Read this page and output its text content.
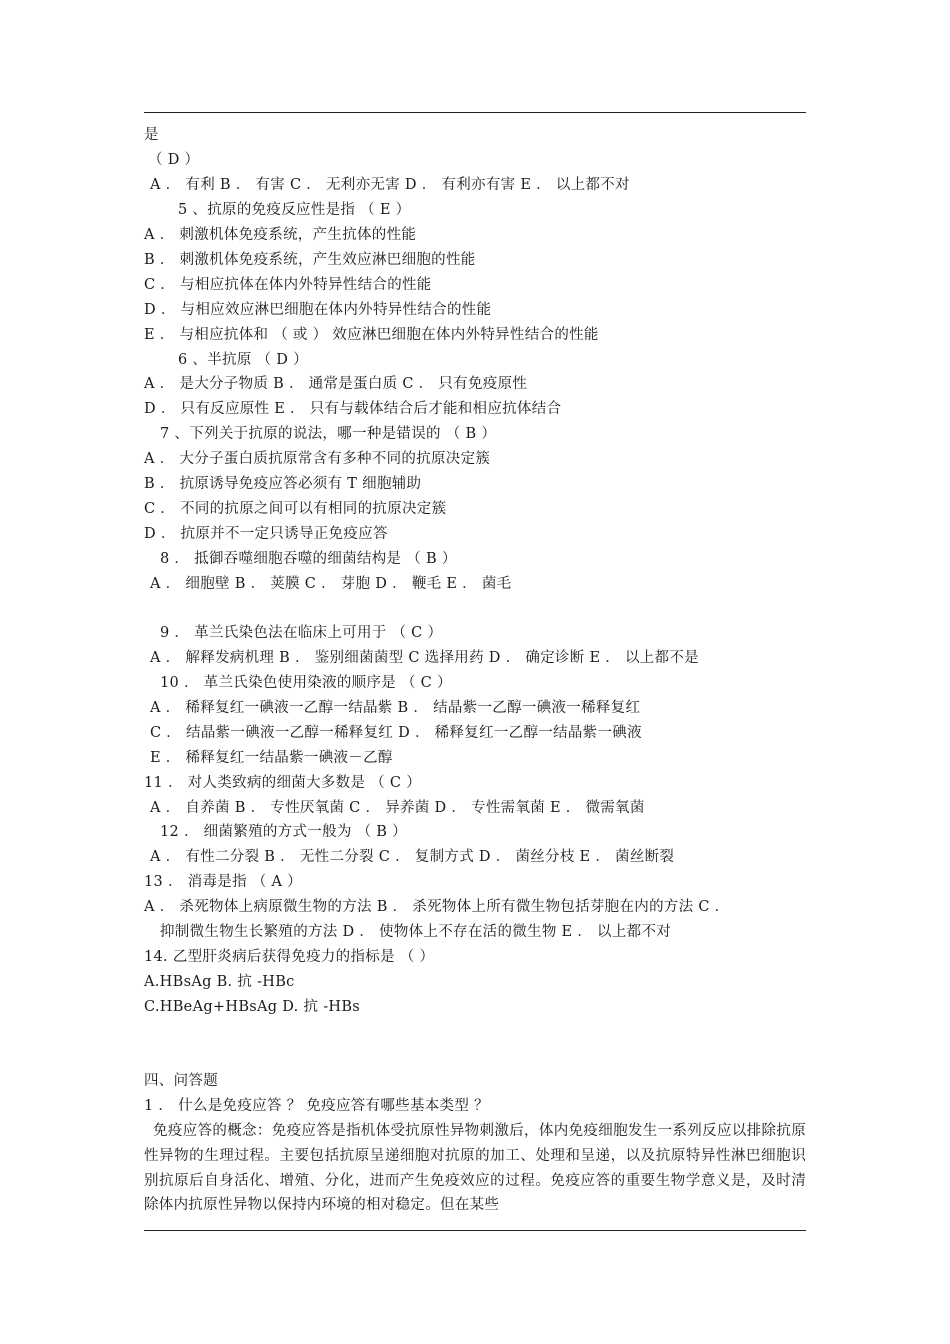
是
（ D ）
A ． 有利 B ． 有害 C ． 无利亦无害 D ． 有利亦有害 E ． 以上都不对
5 、抗原的免疫反应性是指 （ E ）
A ． 刺激机体免疫系统，产生抗体的性能
B ． 刺激机体免疫系统，产生效应淋巴细胞的性能
C ． 与相应抗体在体内外特异性结合的性能
D ． 与相应效应淋巴细胞在体内外特异性结合的性能
E ． 与相应抗体和 （ 或 ） 效应淋巴细胞在体内外特异性结合的性能
6 、半抗原 （ D ）
A ． 是大分子物质 B ． 通常是蛋白质 C ． 只有免疫原性
D ． 只有反应原性 E ． 只有与载体结合后才能和相应抗体结合
7 、下列关于抗原的说法，哪一种是错误的 （ B ）
A ． 大分子蛋白质抗原常含有多种不同的抗原决定簇
B ． 抗原诱导免疫应答必须有 T 细胞辅助
C ． 不同的抗原之间可以有相同的抗原决定簇
D ． 抗原并不一定只诱导正免疫应答
8 ． 抵御吞噬细胞吞噬的细菌结构是 （ B ）
A ． 细胞壁 B ． 荚膜 C ． 芽胞 D ． 鞭毛 E ． 菌毛
9 ． 革兰氏染色法在临床上可用于 （ C ）
A ． 解释发病机理 B ． 鉴别细菌菌型 C 选择用药 D ． 确定诊断 E ． 以上都不是
10 ． 革兰氏染色使用染液的顺序是 （ C ）
A ． 稀释复红一碘液一乙醇一结晶紫 B ． 结晶紫一乙醇一碘液一稀释复红
C ． 结晶紫一碘液一乙醇一稀释复红 D ． 稀释复红一乙醇一结晶紫一碘液
E ． 稀释复红一结晶紫一碘液－乙醇
11 ． 对人类致病的细菌大多数是 （ C ）
A ． 自养菌 B ． 专性厌氧菌 C ． 异养菌 D ． 专性需氧菌 E ． 微需氧菌
12 ． 细菌繁殖的方式一般为 （ B ）
A ． 有性二分裂 B ． 无性二分裂 C ． 复制方式 D ． 菌丝分枝 E ． 菌丝断裂
13 ． 消毒是指 （ A ）
A ． 杀死物体上病原微生物的方法 B ． 杀死物体上所有微生物包括芽胞在内的方法 C ．
抑制微生物生长繁殖的方法 D ． 使物体上不存在活的微生物 E ． 以上都不对
14. 乙型肝炎病后获得免疫力的指标是 （ ）
A.HBsAg B. 抗 -HBc
C.HBeAg+HBsAg D. 抗 -HBs
四、问答题
1 ． 什么是免疫应答 ？ 免疫应答有哪些基本类型 ？
免疫应答的概念：免疫应答是指机体受抗原性异物刺激后，体内免疫细胞发生一系列反应以排除抗原性异物的生理过程。主要包括抗原呈递细胞对抗原的加工、处理和呈递，以及抗原特异性淋巴细胞识别抗原后自身活化、增殖、分化，进而产生免疫效应的过程。免疫应答的重要生物学意义是，及时清除体内抗原性异物以保持内环境的相对稳定。但在某些
